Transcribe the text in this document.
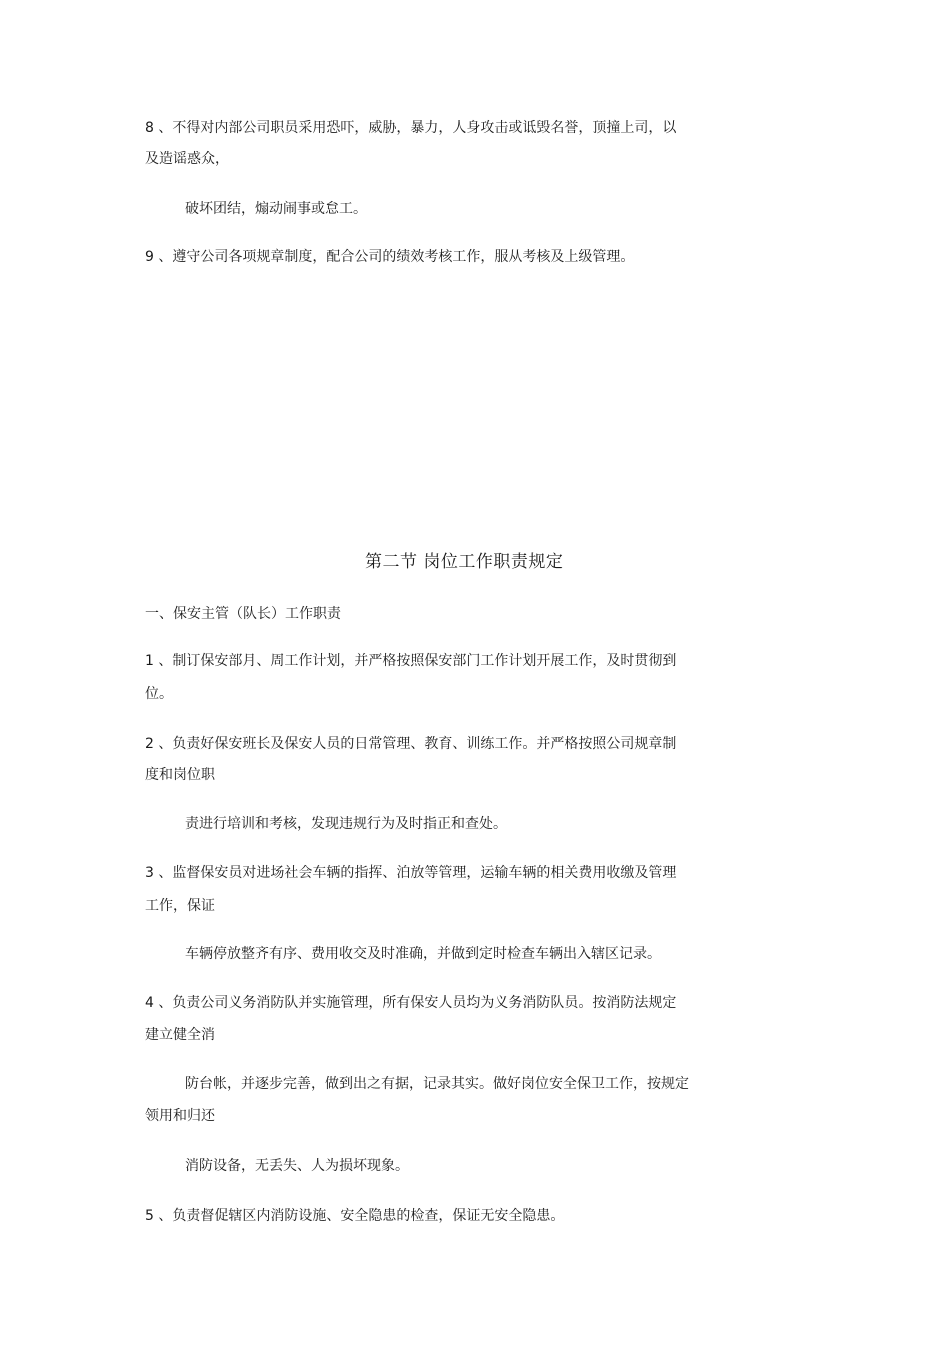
8 、不得对内部公司职员采用恐吓，威胁，暴力，人身攻击或诋毁名誉，顶撞上司，以
及造谣惑众，
破坏团结，煽动闹事或怠工。
9 、遵守公司各项规章制度，配合公司的绩效考核工作，服从考核及上级管理。
第二节 岗位工作职责规定
一、保安主管（队长）工作职责
1 、制订保安部月、周工作计划，并严格按照保安部门工作计划开展工作，及时贯彻到
位。
2 、负责好保安班长及保安人员的日常管理、教育、训练工作。并严格按照公司规章制
度和岗位职
责进行培训和考核，发现违规行为及时指正和查处。
3 、监督保安员对进场社会车辆的指挥、泊放等管理，运输车辆的相关费用收缴及管理
工作，保证
车辆停放整齐有序、费用收交及时准确，并做到定时检查车辆出入辖区记录。
4 、负责公司义务消防队并实施管理，所有保安人员均为义务消防队员。按消防法规定
建立健全消
防台帐，并逐步完善，做到出之有据，记录其实。做好岗位安全保卫工作，按规定
领用和归还
消防设备，无丢失、人为损坏现象。
5 、负责督促辖区内消防设施、安全隐患的检查，保证无安全隐患。
